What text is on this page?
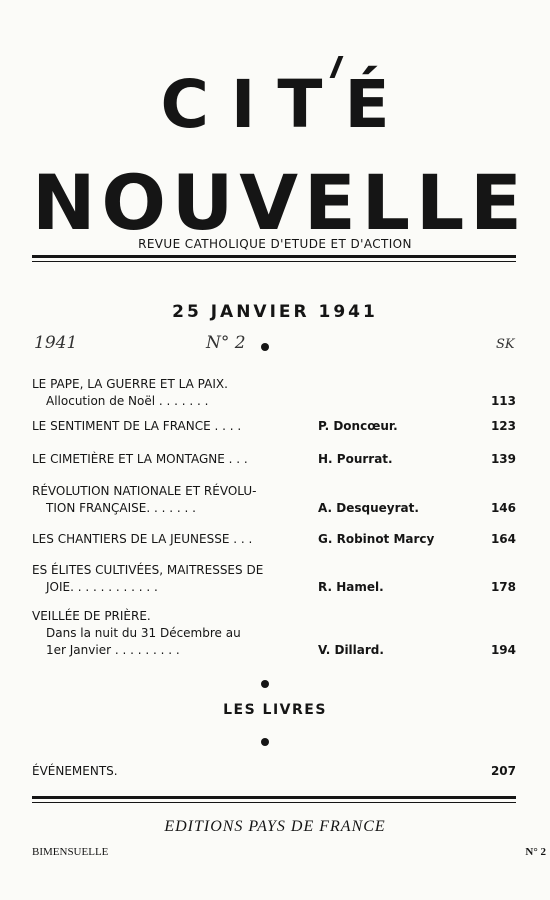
CITÉ
N O U V E L L E
REVUE CATHOLIQUE D'ETUDE ET D'ACTION
25 JANVIER 1941
1941	N° 2	SK
LE PAPE, LA GUERRE ET LA PAIX.
Allocution de Noël . . . . . . .	113
LE SENTIMENT DE LA FRANCE . . . .	P. Doncœur.	123
LE CIMETIÈRE ET LA MONTAGNE . . .	H. Pourrat.	139
RÉVOLUTION NATIONALE ET RÉVOLU-
TION FRANÇAISE. . . . . . .	A. Desqueyrat.	146
LES CHANTIERS DE LA JEUNESSE . . .	G. Robinot Marcy	164
ES ÉLITES CULTIVÉES, MAITRESSES DE
JOIE. . . . . . . . . . . .	R. Hamel.	178
VEILLÉE DE PRIÈRE.
Dans la nuit du 31 Décembre au
1er Janvier . . . . . . . . .	V. Dillard.	194
LES LIVRES
ÉVÉNEMENTS.	207
EDITIONS PAYS DE FRANCE
BIMENSUELLE	N° 2
